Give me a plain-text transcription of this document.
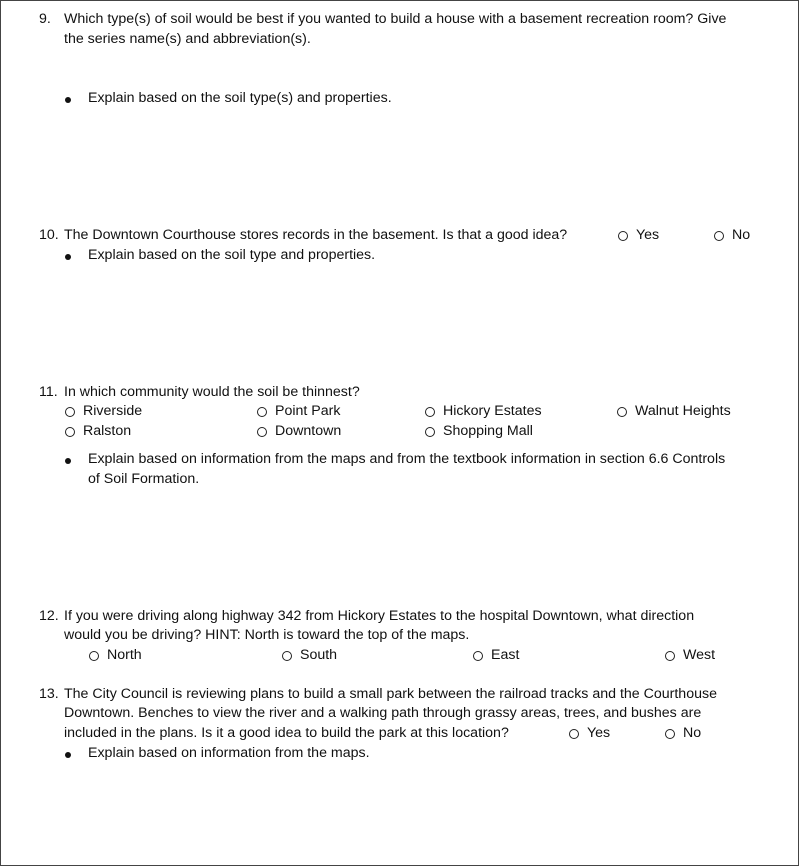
9. Which type(s) of soil would be best if you wanted to build a house with a basement recreation room? Give
the series name(s) and abbreviation(s).
Explain based on the soil type(s) and properties.
10. The Downtown Courthouse stores records in the basement. Is that a good idea?	Yes	No
Explain based on the soil type and properties.
11. In which community would the soil be thinnest?
Riverside	Point Park	Hickory Estates	Walnut Heights
Ralston	Downtown	Shopping Mall
Explain based on information from the maps and from the textbook information in section 6.6 Controls
of Soil Formation.
12. If you were driving along highway 342 from Hickory Estates to the hospital Downtown, what direction
would you be driving? HINT: North is toward the top of the maps.
North	South	East	West
13. The City Council is reviewing plans to build a small park between the railroad tracks and the Courthouse
Downtown. Benches to view the river and a walking path through grassy areas, trees, and bushes are
included in the plans. Is it a good idea to build the park at this location?	Yes	No
Explain based on information from the maps.
